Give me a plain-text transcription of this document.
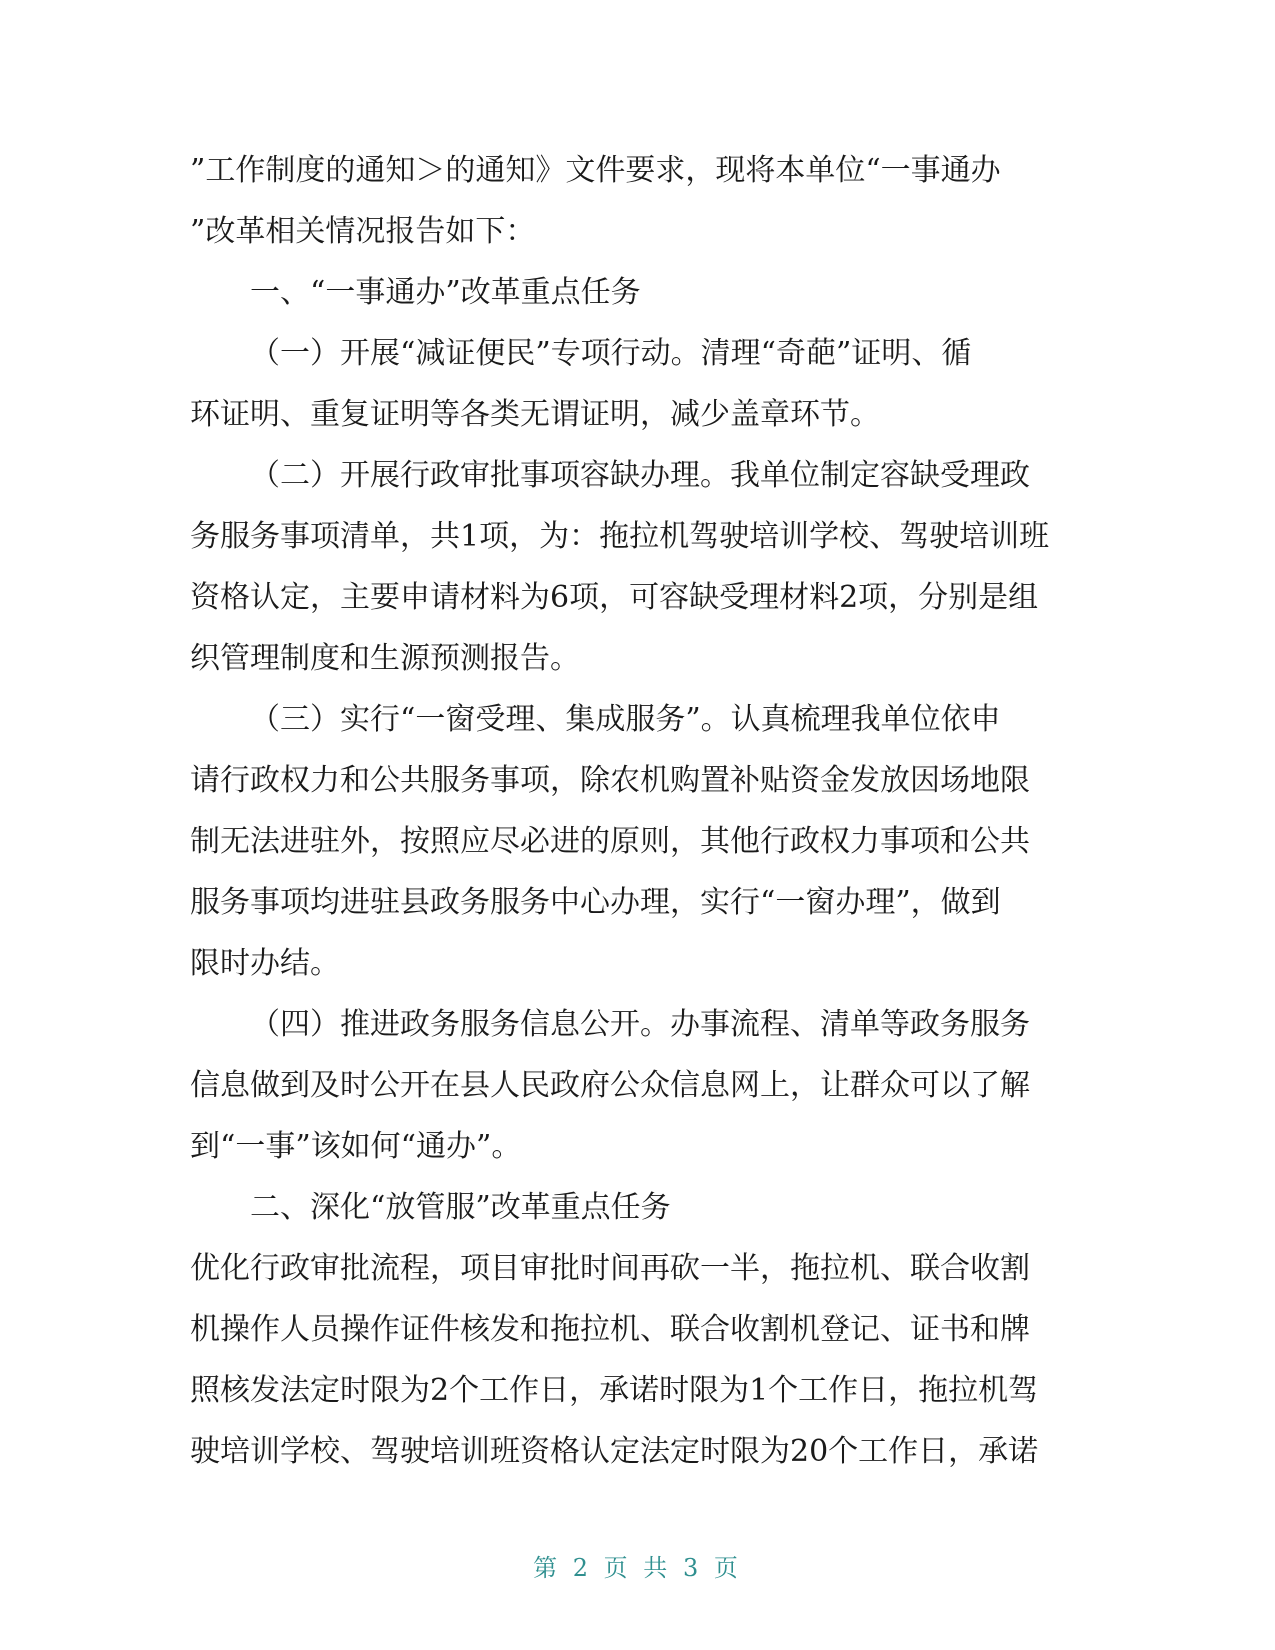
”工作制度的通知＞的通知》文件要求，现将本单位“一事通办
”改革相关情况报告如下：
一、“一事通办”改革重点任务
（一）开展“减证便民”专项行动。清理“奇葩”证明、循
环证明、重复证明等各类无谓证明，减少盖章环节。
（二）开展行政审批事项容缺办理。我单位制定容缺受理政
务服务事项清单，共1项，为：拖拉机驾驶培训学校、驾驶培训班
资格认定，主要申请材料为6项，可容缺受理材料2项，分别是组
织管理制度和生源预测报告。
（三）实行“一窗受理、集成服务”。认真梳理我单位依申
请行政权力和公共服务事项，除农机购置补贴资金发放因场地限
制无法进驻外，按照应尽必进的原则，其他行政权力事项和公共
服务事项均进驻县政务服务中心办理，实行“一窗办理”，做到
限时办结。
（四）推进政务服务信息公开。办事流程、清单等政务服务
信息做到及时公开在县人民政府公众信息网上，让群众可以了解
到“一事”该如何“通办”。
二、深化“放管服”改革重点任务
优化行政审批流程，项目审批时间再砍一半，拖拉机、联合收割
机操作人员操作证件核发和拖拉机、联合收割机登记、证书和牌
照核发法定时限为2个工作日，承诺时限为1个工作日，拖拉机驾
驶培训学校、驾驶培训班资格认定法定时限为20个工作日，承诺
第 2 页 共 3 页
